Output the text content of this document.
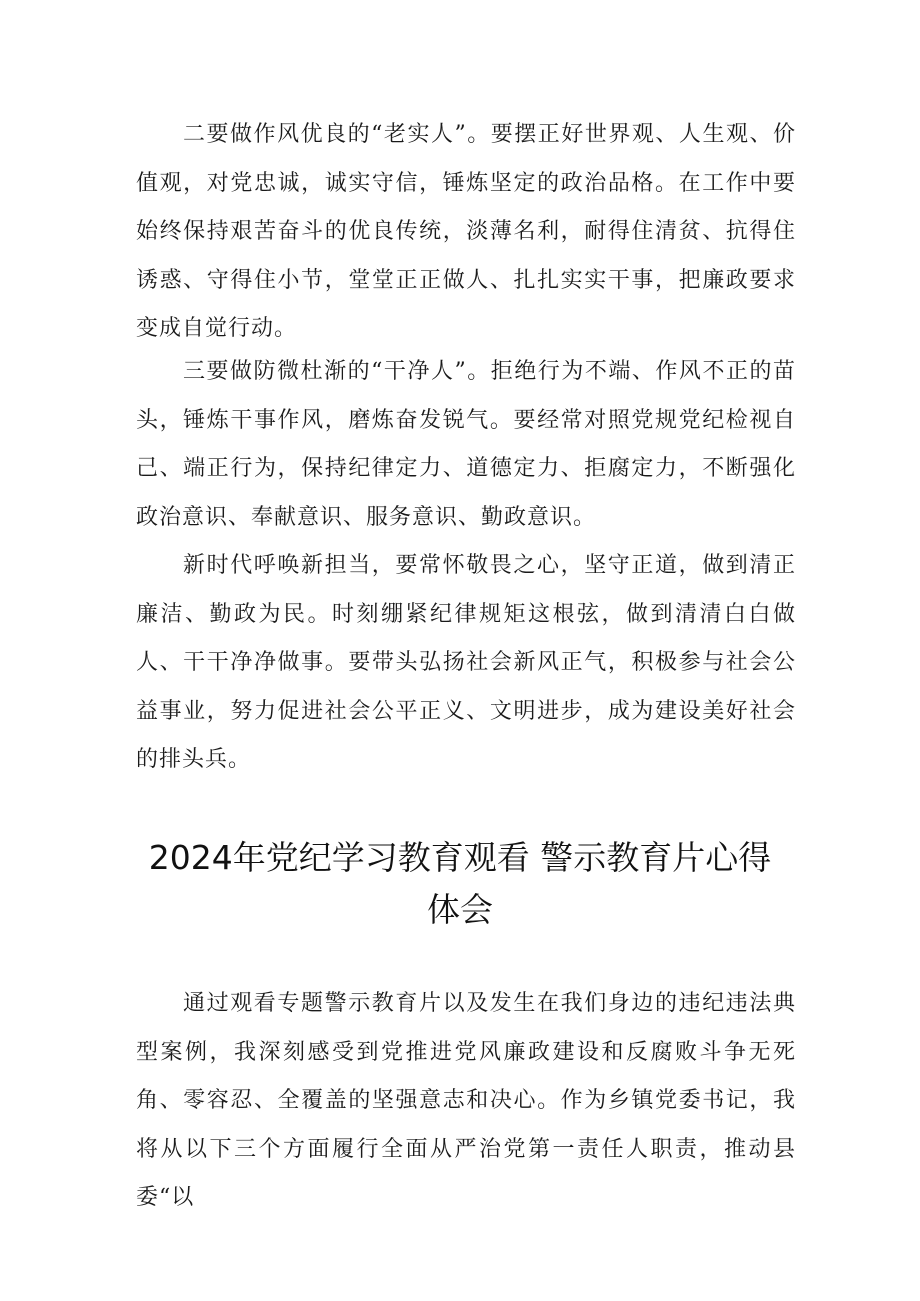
二要做作风优良的“老实人”。要摆正好世界观、人生观、价值观，对党忠诚，诚实守信，锤炼坚定的政治品格。在工作中要始终保持艰苦奋斗的优良传统，淡薄名利，耐得住清贫、抗得住诱惑、守得住小节，堂堂正正做人、扎扎实实干事，把廉政要求变成自觉行动。

三要做防微杜渐的“干净人”。拒绝行为不端、作风不正的苗头，锤炼干事作风，磨炼奋发锐气。要经常对照党规党纪检视自己、端正行为，保持纪律定力、道德定力、拒腐定力，不断强化政治意识、奉献意识、服务意识、勤政意识。

新时代呼唤新担当，要常怀敬畏之心，坚守正道，做到清正廉洁、勤政为民。时刻绷紧纪律规矩这根弦，做到清清白白做人、干干净净做事。要带头弘扬社会新风正气，积极参与社会公益事业，努力促进社会公平正义、文明进步，成为建设美好社会的排头兵。

2024年党纪学习教育观看 警示教育片心得
体会

通过观看专题警示教育片以及发生在我们身边的违纪违法典型案例，我深刻感受到党推进党风廉政建设和反腐败斗争无死角、零容忍、全覆盖的坚强意志和决心。作为乡镇党委书记，我将从以下三个方面履行全面从严治党第一责任人职责，推动县委“以
